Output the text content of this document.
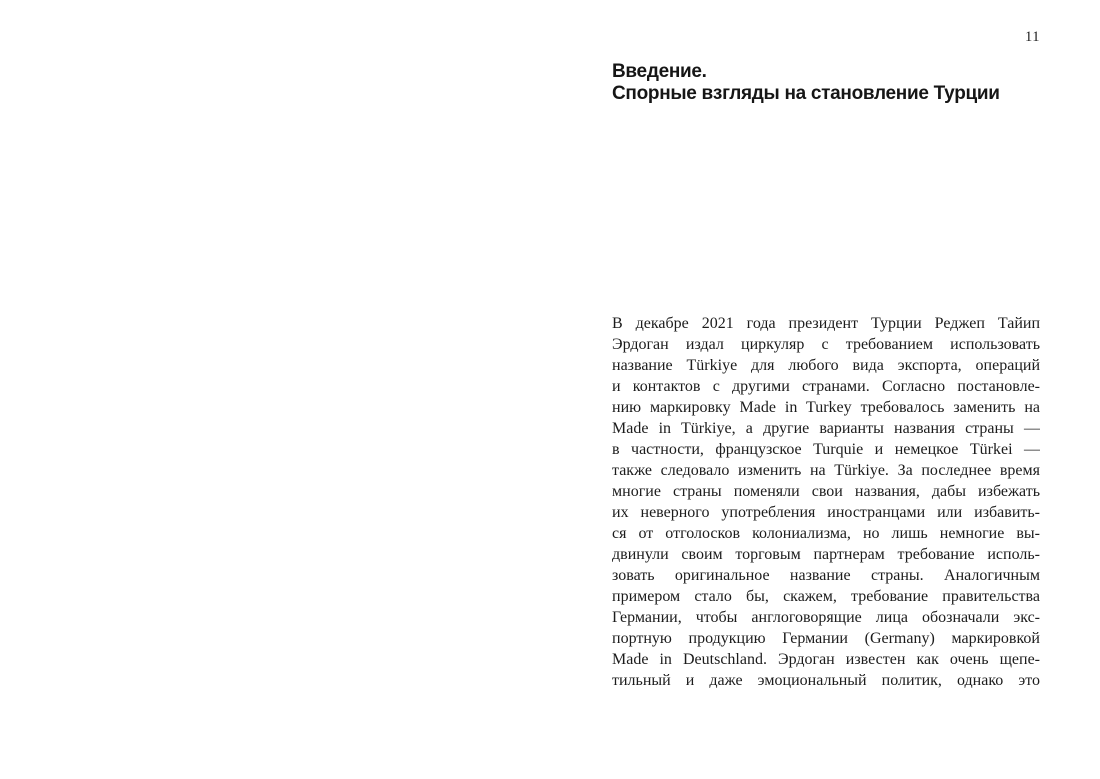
11
Введение.
Спорные взгляды на становление Турции
В декабре 2021 года президент Турции Реджеп Тайип
Эрдоган издал циркуляр с требованием использовать
название Türkiye для любого вида экспорта, операций
и контактов с другими странами. Согласно постановле-
нию маркировку Made in Turkey требовалось заменить на
Made in Türkiye, а другие варианты названия страны —
в частности, французское Turquie и немецкое Türkei —
также следовало изменить на Türkiye. За последнее время
многие страны поменяли свои названия, дабы избежать
их неверного употребления иностранцами или избавить-
ся от отголосков колониализма, но лишь немногие вы-
двинули своим торговым партнерам требование исполь-
зовать оригинальное название страны. Аналогичным
примером стало бы, скажем, требование правительства
Германии, чтобы англоговорящие лица обозначали экс-
портную продукцию Германии (Germany) маркировкой
Made in Deutschland. Эрдоган известен как очень щепе-
тильный и даже эмоциональный политик, однако это
